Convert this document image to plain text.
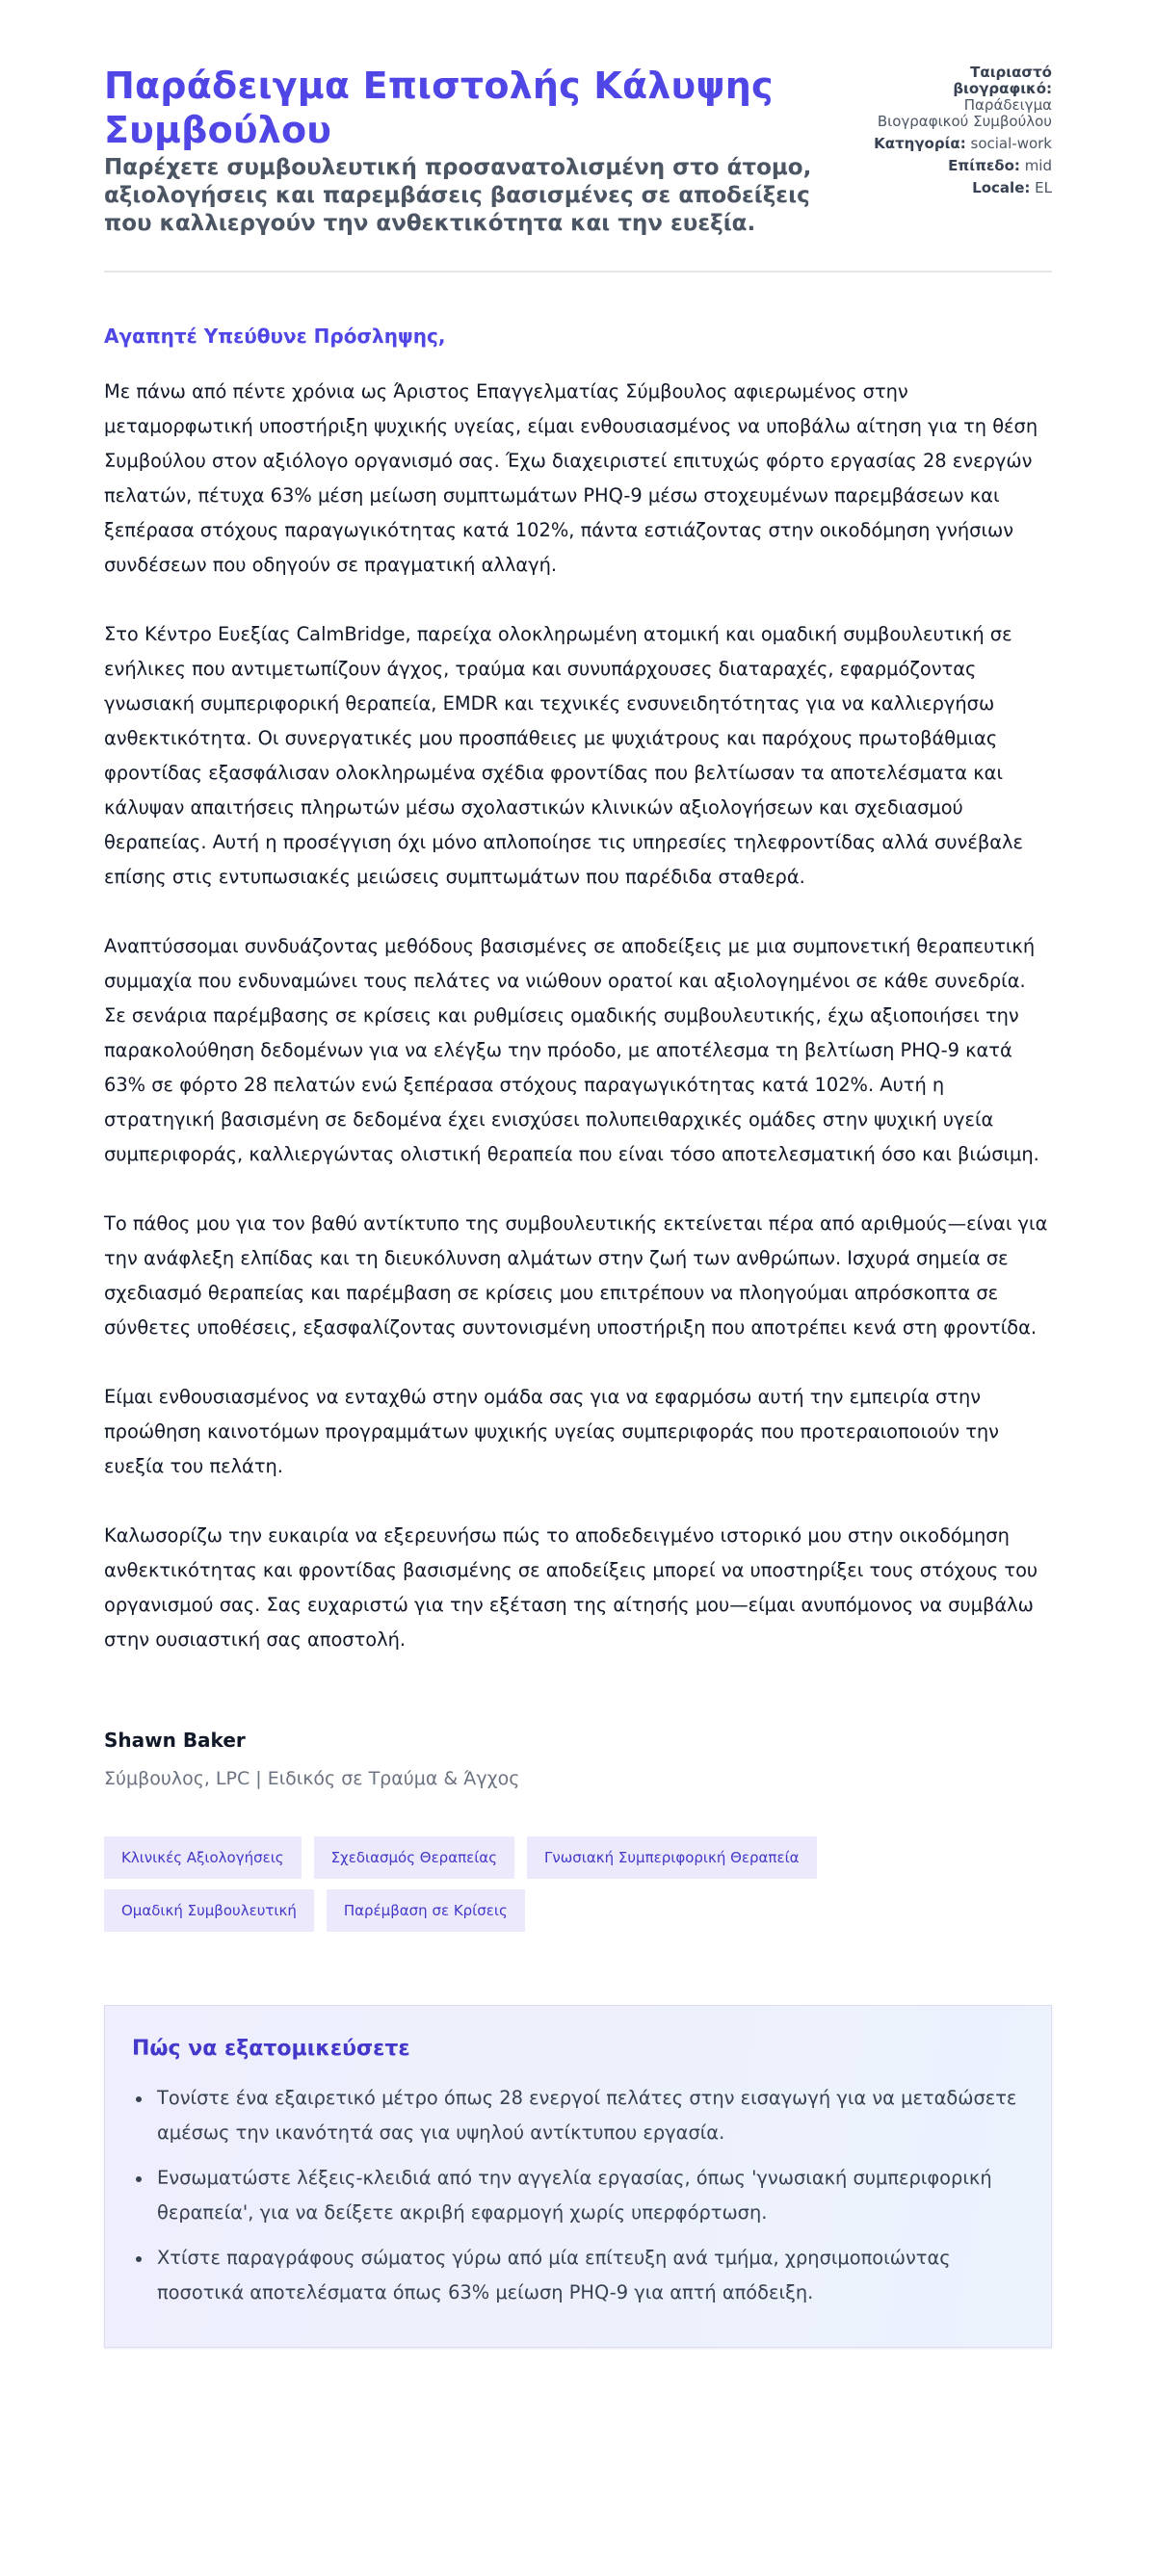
Παράδειγμα Επιστολής Κάλυψης Συμβούλου
Παρέχετε συμβουλευτική προσανατολισμένη στο άτομο, αξιολογήσεις και παρεμβάσεις βασισμένες σε αποδείξεις που καλλιεργούν την ανθεκτικότητα και την ευεξία.
Ταιριαστό βιογραφικό: Παράδειγμα Βιογραφικού Συμβούλου
Κατηγορία: social-work
Επίπεδο: mid
Locale: EL

Αγαπητέ Υπεύθυνε Πρόσληψης,

Με πάνω από πέντε χρόνια ως Άριστος Επαγγελματίας Σύμβουλος αφιερωμένος στην μεταμορφωτική υποστήριξη ψυχικής υγείας, είμαι ενθουσιασμένος να υποβάλω αίτηση για τη θέση Συμβούλου στον αξιόλογο οργανισμό σας. Έχω διαχειριστεί επιτυχώς φόρτο εργασίας 28 ενεργών πελατών, πέτυχα 63% μέση μείωση συμπτωμάτων PHQ-9 μέσω στοχευμένων παρεμβάσεων και ξεπέρασα στόχους παραγωγικότητας κατά 102%, πάντα εστιάζοντας στην οικοδόμηση γνήσιων συνδέσεων που οδηγούν σε πραγματική αλλαγή.

Στο Κέντρο Ευεξίας CalmBridge, παρείχα ολοκληρωμένη ατομική και ομαδική συμβουλευτική σε ενήλικες που αντιμετωπίζουν άγχος, τραύμα και συνυπάρχουσες διαταραχές, εφαρμόζοντας γνωσιακή συμπεριφορική θεραπεία, EMDR και τεχνικές ενσυνειδητότητας για να καλλιεργήσω ανθεκτικότητα. Οι συνεργατικές μου προσπάθειες με ψυχιάτρους και παρόχους πρωτοβάθμιας φροντίδας εξασφάλισαν ολοκληρωμένα σχέδια φροντίδας που βελτίωσαν τα αποτελέσματα και κάλυψαν απαιτήσεις πληρωτών μέσω σχολαστικών κλινικών αξιολογήσεων και σχεδιασμού θεραπείας. Αυτή η προσέγγιση όχι μόνο απλοποίησε τις υπηρεσίες τηλεφροντίδας αλλά συνέβαλε επίσης στις εντυπωσιακές μειώσεις συμπτωμάτων που παρέδιδα σταθερά.

Αναπτύσσομαι συνδυάζοντας μεθόδους βασισμένες σε αποδείξεις με μια συμπονετική θεραπευτική συμμαχία που ενδυναμώνει τους πελάτες να νιώθουν ορατοί και αξιολογημένοι σε κάθε συνεδρία. Σε σενάρια παρέμβασης σε κρίσεις και ρυθμίσεις ομαδικής συμβουλευτικής, έχω αξιοποιήσει την παρακολούθηση δεδομένων για να ελέγξω την πρόοδο, με αποτέλεσμα τη βελτίωση PHQ-9 κατά 63% σε φόρτο 28 πελατών ενώ ξεπέρασα στόχους παραγωγικότητας κατά 102%. Αυτή η στρατηγική βασισμένη σε δεδομένα έχει ενισχύσει πολυπειθαρχικές ομάδες στην ψυχική υγεία συμπεριφοράς, καλλιεργώντας ολιστική θεραπεία που είναι τόσο αποτελεσματική όσο και βιώσιμη.

Το πάθος μου για τον βαθύ αντίκτυπο της συμβουλευτικής εκτείνεται πέρα από αριθμούς—είναι για την ανάφλεξη ελπίδας και τη διευκόλυνση αλμάτων στην ζωή των ανθρώπων. Ισχυρά σημεία σε σχεδιασμό θεραπείας και παρέμβαση σε κρίσεις μου επιτρέπουν να πλοηγούμαι απρόσκοπτα σε σύνθετες υποθέσεις, εξασφαλίζοντας συντονισμένη υποστήριξη που αποτρέπει κενά στη φροντίδα.

Είμαι ενθουσιασμένος να ενταχθώ στην ομάδα σας για να εφαρμόσω αυτή την εμπειρία στην προώθηση καινοτόμων προγραμμάτων ψυχικής υγείας συμπεριφοράς που προτεραιοποιούν την ευεξία του πελάτη.

Καλωσορίζω την ευκαιρία να εξερευνήσω πώς το αποδεδειγμένο ιστορικό μου στην οικοδόμηση ανθεκτικότητας και φροντίδας βασισμένης σε αποδείξεις μπορεί να υποστηρίξει τους στόχους του οργανισμού σας. Σας ευχαριστώ για την εξέταση της αίτησής μου—είμαι ανυπόμονος να συμβάλω στην ουσιαστική σας αποστολή.

Shawn Baker
Σύμβουλος, LPC | Ειδικός σε Τραύμα & Άγχος
Κλινικές Αξιολογήσεις	Σχεδιασμός Θεραπείας	Γνωσιακή Συμπεριφορική Θεραπεία
Ομαδική Συμβουλευτική	Παρέμβαση σε Κρίσεις
Πώς να εξατομικεύσετε
Τονίστε ένα εξαιρετικό μέτρο όπως 28 ενεργοί πελάτες στην εισαγωγή για να μεταδώσετε αμέσως την ικανότητά σας για υψηλού αντίκτυπου εργασία.
Ενσωματώστε λέξεις-κλειδιά από την αγγελία εργασίας, όπως 'γνωσιακή συμπεριφορική θεραπεία', για να δείξετε ακριβή εφαρμογή χωρίς υπερφόρτωση.
Χτίστε παραγράφους σώματος γύρω από μία επίτευξη ανά τμήμα, χρησιμοποιώντας ποσοτικά αποτελέσματα όπως 63% μείωση PHQ-9 για απτή απόδειξη.
